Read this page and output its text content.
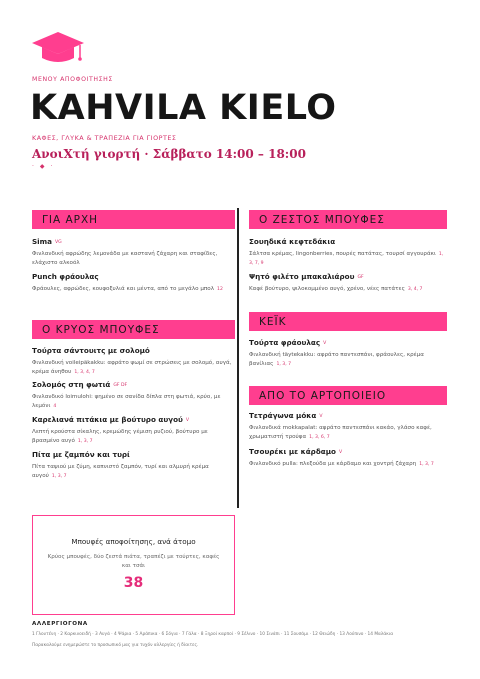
ΜΕΝΟΥ ΑΠΟΦΟΙΤΗΣΗΣ
KAHVILA KIELO
ΚΑΦΕΣ, ΓΛΥΚΑ & ΤΡΑΠΕΖΙΑ ΓΙΑ ΓΙΟΡΤΕΣ
ΑνοιΧτή γιορτή · Σάββατο 14:00 – 18:00
· ◆ ·
ΓΙΑ ΑΡΧΗ
Sima VG
Φινλανδική αφρώδης λεμονάδα με καστανή ζάχαρη και σταφίδες, ελάχιστο αλκοόλ
Punch φράουλας
Φράουλες, αφρώδες, κουφοξυλιά και μέντα, από το μεγάλο μπολ 12
Ο ΚΡΥΟΣ ΜΠΟΥΦΕΣ
Τούρτα σάντουιτς με σολομό
Φινλανδική voileipäkakku: αφράτο ψωμί σε στρώσεις με σολομό, αυγά, κρέμα άνηθου 1, 3, 4, 7
Σολομός στη φωτιά GF DF
Φινλανδικό loimulohi: ψημένο σε σανίδα δίπλα στη φωτιά, κρύο, με λεμόνι 4
Καρελιανά πιτάκια με βούτυρο αυγού V
Λεπτή κρούστα σίκαλης, κρεμώδης γέμιση ρυζιού, βούτυρο με βρασμένο αυγό 1, 3, 7
Πίτα με ζαμπόν και τυρί
Πίτα ταψιού με ζύμη, καπνιστό ζαμπόν, τυρί και αλμυρή κρέμα αυγού 1, 3, 7
Ο ΖΕΣΤΟΣ ΜΠΟΥΦΕΣ
Σουηδικά κεφτεδάκια
Σάλτσα κρέμας, lingonberries, πουρές πατάτας, τουρσί αγγουράκι 1, 3, 7, 9
Ψητό φιλέτο μπακαλιάρου GF
Καφέ βούτυρο, ψιλοκομμένο αυγό, χρένο, νέες πατάτες 3, 4, 7
ΚΕΪΚ
Τούρτα φράουλας V
Φινλανδική täytekakku: αφράτο παντεσπάνι, φράουλες, κρέμα βανίλιας 1, 3, 7
ΑΠΟ ΤΟ ΑΡΤΟΠΟΙΕΙΟ
Τετράγωνα μόκα V
Φινλανδικά mokkapalat: αφράτο παντεσπάνι κακάο, γλάσο καφέ, χρωματιστή τρούφα 1, 3, 6, 7
Τσουρέκι με κάρδαμο V
Φινλανδικό pulla: πλεξούδα με κάρδαμο και χοντρή ζάχαρη 1, 3, 7
Μπουφές αποφοίτησης, ανά άτομο
Κρύος μπουφές, δύο ζεστά πιάτα, τραπέζι με τούρτες, καφές και τσάι
38
ΑΛΛΕΡΓΙΟΓΟΝΑ
1 Γλουτένη · 2 Καρκινοειδή · 3 Αυγά · 4 Ψάρια · 5 Αράπικα · 6 Σόγια · 7 Γάλα · 8 Ξηροί καρποί · 9 Σέλινο · 10 Σινάπι · 11 Σουσάμι · 12 Θειώδη · 13 Λούπινο · 14 Μαλάκια
Παρακαλούμε ενημερώστε το προσωπικό μας για τυχόν αλλεργίες ή δίαιτες.
